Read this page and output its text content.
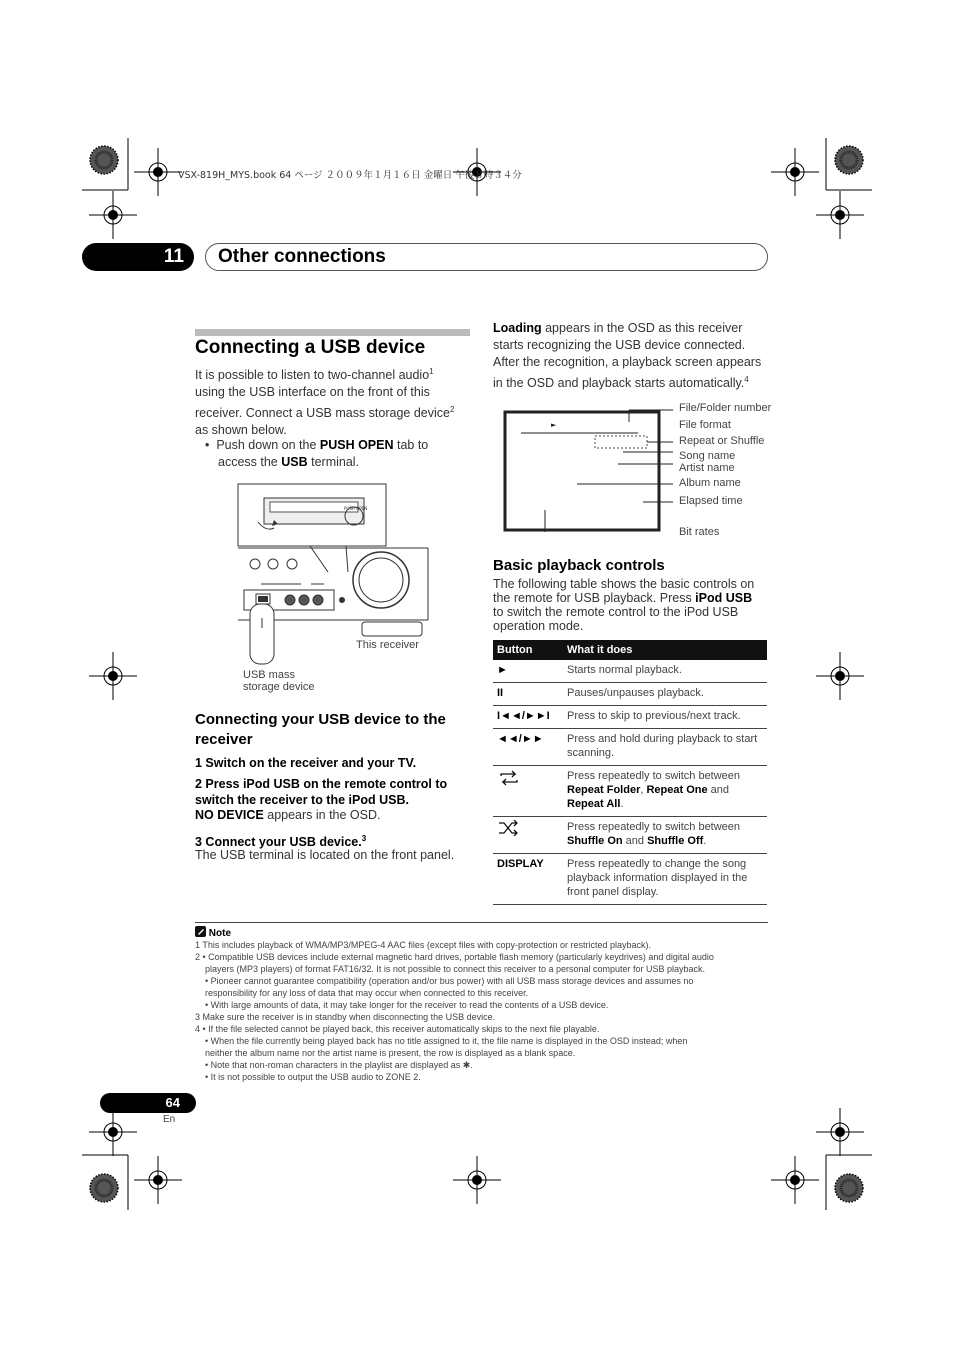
VSX-819H_MYS.book 64 ページ ２００９年１月１６日 金曜日 午後８時３４分
11	Other connections
Connecting a USB device
It is possible to listen to two-channel audio$^1$
using the USB interface on the front of this
receiver. Connect a USB mass storage device$^2$
as shown below.
•  Push down on the PUSH OPEN tab to
access the USB terminal.
PUSH OPEN
This receiver
USB mass
storage device
Connecting your USB device to the
receiver
1 Switch on the receiver and your TV.
2 Press iPod USB on the remote control to
switch the receiver to the iPod USB.
NO DEVICE appears in the OSD.
3 Connect your USB device.$^3$
The USB terminal is located on the front panel.
Loading appears in the OSD as this receiver
starts recognizing the USB device connected.
After the recognition, a playback screen appears
in the OSD and playback starts automatically.$^4$
►
File/Folder number
File format
Repeat or Shuffle
Song name
Artist name
Album name
Elapsed time
Bit rates
Basic playback controls
The following table shows the basic controls on
the remote for USB playback. Press iPod USB
to switch the remote control to the iPod USB
operation mode.
Button	What it does
►	Starts normal playback.
II	Pauses/unpauses playback.
I◄◄/►►I	Press to skip to previous/next track.
◄◄/►►	Press and hold during playback to start scanning.
	Press repeatedly to switch between Repeat Folder, Repeat One and Repeat All.
	Press repeatedly to switch between Shuffle On and Shuffle Off.
DISPLAY	Press repeatedly to change the song playback information displayed in the front panel display.
Note
1 This includes playback of WMA/MP3/MPEG-4 AAC files (except files with copy-protection or restricted playback).
2 • Compatible USB devices include external magnetic hard drives, portable flash memory (particularly keydrives) and digital audio
players (MP3 players) of format FAT16/32. It is not possible to connect this receiver to a personal computer for USB playback.
• Pioneer cannot guarantee compatibility (operation and/or bus power) with all USB mass storage devices and assumes no
responsibility for any loss of data that may occur when connected to this receiver.
• With large amounts of data, it may take longer for the receiver to read the contents of a USB device.
3 Make sure the receiver is in standby when disconnecting the USB device.
4 • If the file selected cannot be played back, this receiver automatically skips to the next file playable.
• When the file currently being played back has no title assigned to it, the file name is displayed in the OSD instead; when
neither the album name nor the artist name is present, the row is displayed as a blank space.
• Note that non-roman characters in the playlist are displayed as ✱.
• It is not possible to output the USB audio to ZONE 2.
64
En
